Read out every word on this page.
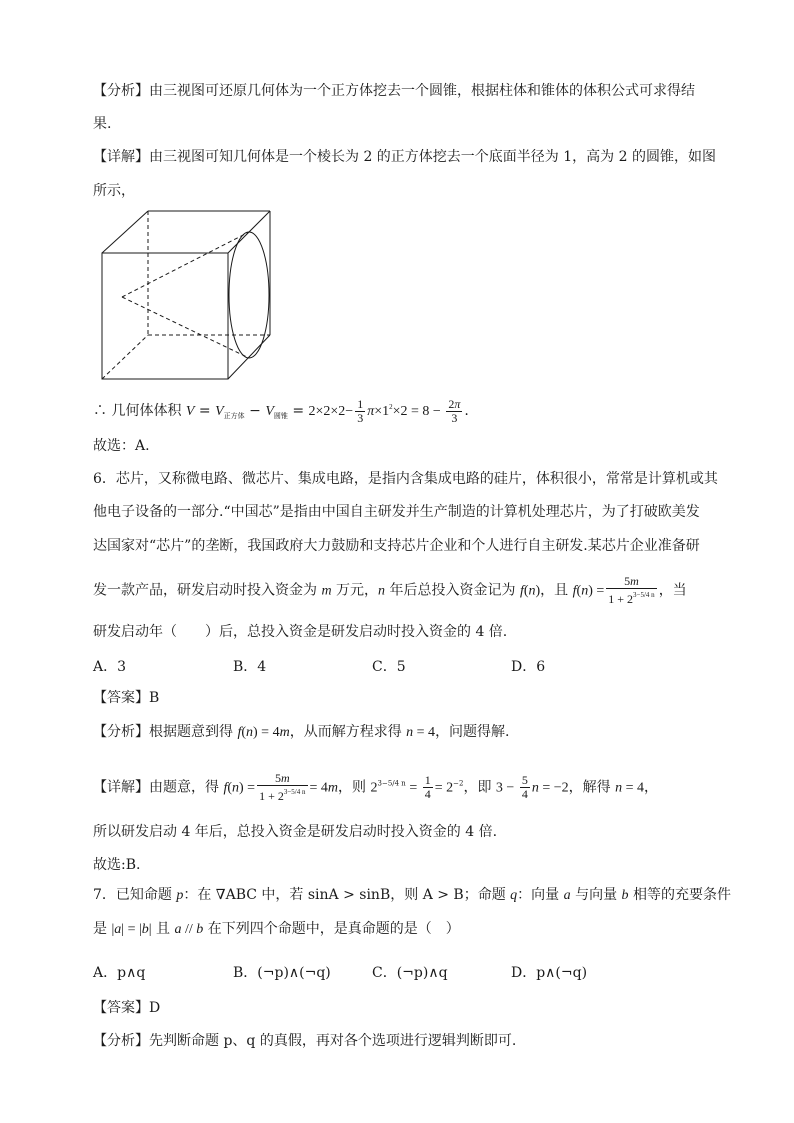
【分析】由三视图可还原几何体为一个正方体挖去一个圆锥，根据柱体和锥体的体积公式可求得结
果.
【详解】由三视图可知几何体是一个棱长为 2 的正方体挖去一个底面半径为 1，高为 2 的圆锥，如图
所示，
∴ 几何体体积 $V = V_{正方体} - V_{圆锥} = 2\times 2\times 2- \frac{1}{3} \pi\times 1^2\times 2 = 8 - \frac{2\pi}{3}$ .
故选：A.
6．芯片，又称微电路、微芯片、集成电路，是指内含集成电路的硅片，体积很小，常常是计算机或其
他电子设备的一部分.“中国芯”是指由中国自主研发并生产制造的计算机处理芯片，为了打破欧美发
达国家对“芯片”的垄断，我国政府大力鼓励和支持芯片企业和个人进行自主研发.某芯片企业准备研
发一款产品，研发启动时投入资金为 m 万元，n 年后总投入资金记为 f(n)，且 $f(n) = \frac{5m}{1 + 2^{3-5/4 n}}$ ，当
研发启动年（　　）后，总投入资金是研发启动时投入资金的 4 倍.
A．3	B．4	C．5	D．6
【答案】B
【分析】根据题意到得 f(n) = 4m，从而解方程求得 n = 4，问题得解.
【详解】由题意，得 $f(n) = \frac{5m}{1 + 2^{3-5/4 n}} = 4m$，则 $2^{3-5/4 n} = \frac{1}{4} = 2^{-2}$，即 $3 - \frac{5}{4}$ n = −2，解得 n = 4，
所以研发启动 4 年后，总投入资金是研发启动时投入资金的 4 倍.
故选:B.
7．已知命题 p：在 ∇ABC 中，若 sinA > sinB，则 A > B；命题 q：向量 a 与向量 b 相等的充要条件
是 |a| = |b| 且 a // b 在下列四个命题中，是真命题的是（　）
A．p∧q	B．(¬p)∧(¬q)	C．(¬p)∧q	D．p∧(¬q)
【答案】D
【分析】先判断命题 p、q 的真假，再对各个选项进行逻辑判断即可.
